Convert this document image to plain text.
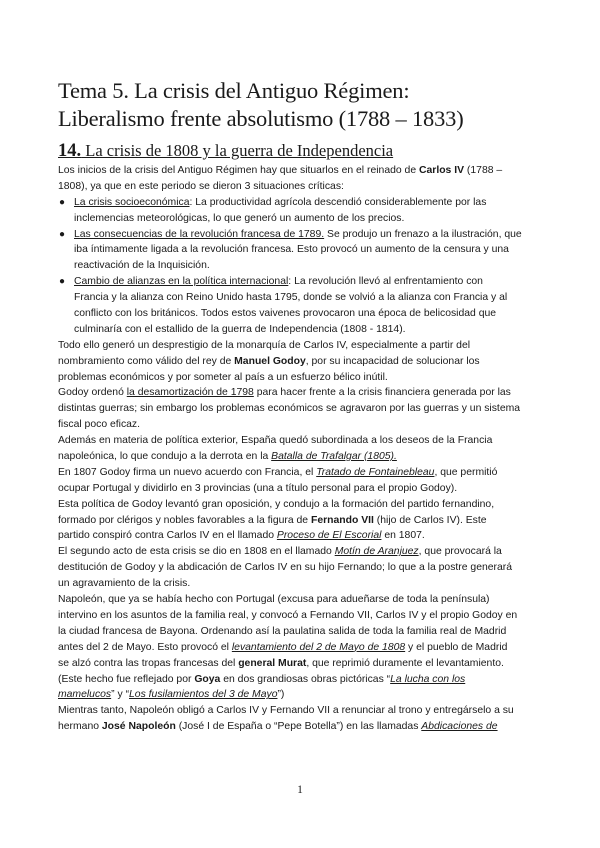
Tema 5. La crisis del Antiguo Régimen:
Liberalismo frente absolutismo (1788 – 1833)
14. La crisis de 1808 y la guerra de Independencia
Los inicios de la crisis del Antiguo Régimen hay que situarlos en el reinado de Carlos IV (1788 –
1808), ya que en este periodo se dieron 3 situaciones críticas:
● La crisis socioeconómica: La productividad agrícola descendió considerablemente por las
inclemencias meteorológicas, lo que generó un aumento de los precios.
● Las consecuencias de la revolución francesa de 1789. Se produjo un frenazo a la ilustración, que
iba íntimamente ligada a la revolución francesa. Esto provocó un aumento de la censura y una
reactivación de la Inquisición.
● Cambio de alianzas en la política internacional: La revolución llevó al enfrentamiento con
Francia y la alianza con Reino Unido hasta 1795, donde se volvió a la alianza con Francia y al
conflicto con los británicos. Todos estos vaivenes provocaron una época de belicosidad que
culminaría con el estallido de la guerra de Independencia (1808 - 1814).
Todo ello generó un desprestigio de la monarquía de Carlos IV, especialmente a partir del
nombramiento como válido del rey de Manuel Godoy, por su incapacidad de solucionar los
problemas económicos y por someter al país a un esfuerzo bélico inútil.
Godoy ordenó la desamortización de 1798 para hacer frente a la crisis financiera generada por las
distintas guerras; sin embargo los problemas económicos se agravaron por las guerras y un sistema
fiscal poco eficaz.
Además en materia de política exterior, España quedó subordinada a los deseos de la Francia
napoleónica, lo que condujo a la derrota en la Batalla de Trafalgar (1805).
En 1807 Godoy firma un nuevo acuerdo con Francia, el Tratado de Fontainebleau, que permitió
ocupar Portugal y dividirlo en 3 provincias (una a título personal para el propio Godoy).
Esta política de Godoy levantó gran oposición, y condujo a la formación del partido fernandino,
formado por clérigos y nobles favorables a la figura de Fernando VII (hijo de Carlos IV). Este
partido conspiró contra Carlos IV en el llamado Proceso de El Escorial en 1807.
El segundo acto de esta crisis se dio en 1808 en el llamado Motín de Aranjuez, que provocará la
destitución de Godoy y la abdicación de Carlos IV en su hijo Fernando; lo que a la postre generará
un agravamiento de la crisis.
Napoleón, que ya se había hecho con Portugal (excusa para adueñarse de toda la península)
intervino en los asuntos de la familia real, y convocó a Fernando VII, Carlos IV y el propio Godoy en
la ciudad francesa de Bayona. Ordenando así la paulatina salida de toda la familia real de Madrid
antes del 2 de Mayo. Esto provocó el levantamiento del 2 de Mayo de 1808 y el pueblo de Madrid
se alzó contra las tropas francesas del general Murat, que reprimió duramente el levantamiento.
(Este hecho fue reflejado por Goya en dos grandiosas obras pictóricas “La lucha con los
mamelucos” y “Los fusilamientos del 3 de Mayo”)
Mientras tanto, Napoleón obligó a Carlos IV y Fernando VII a renunciar al trono y entregárselo a su
hermano José Napoleón (José I de España o “Pepe Botella”) en las llamadas Abdicaciones de
1
